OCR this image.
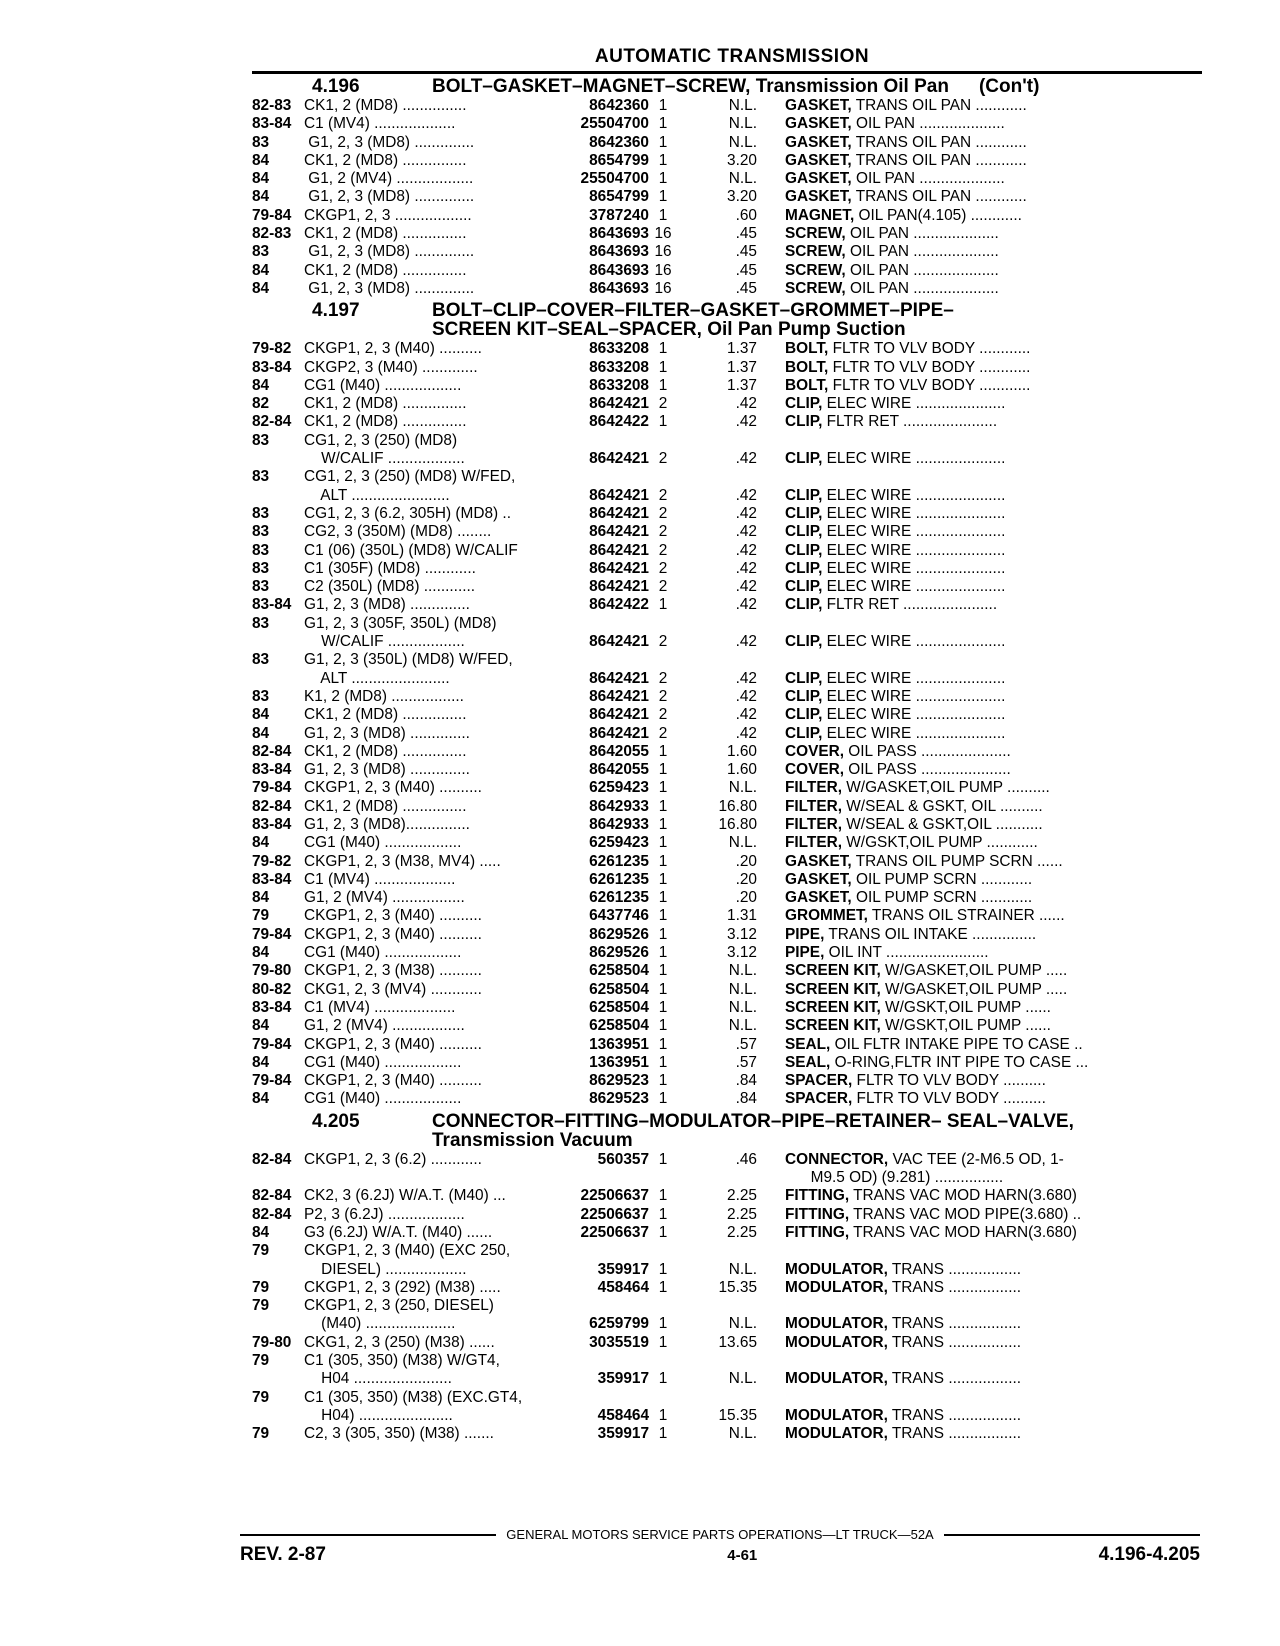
AUTOMATIC TRANSMISSION
4.196	BOLT–GASKET–MAGNET–SCREW, Transmission Oil Pan (Con't)
82-83 CK1, 2 (MD8) ...............	8642360 1	N.L.	GASKET, TRANS OIL PAN ............
83-84 C1 (MV4) ...................	25504700 1	N.L.	GASKET, OIL PAN ....................
83	G1, 2, 3 (MD8) ..............	8642360 1	N.L.	GASKET, TRANS OIL PAN ............
84	CK1, 2 (MD8) ...............	8654799 1	3.20	GASKET, TRANS OIL PAN ............
84	G1, 2 (MV4) ..................	25504700 1	N.L.	GASKET, OIL PAN ....................
84	G1, 2, 3 (MD8) ..............	8654799 1	3.20	GASKET, TRANS OIL PAN ............
79-84 CKGP1, 2, 3 ..................	3787240 1	.60	MAGNET, OIL PAN(4.105) ............
82-83 CK1, 2 (MD8) ...............	8643693 16	.45	SCREW, OIL PAN ....................
83	G1, 2, 3 (MD8) ..............	8643693 16	.45	SCREW, OIL PAN ....................
84	CK1, 2 (MD8) ...............	8643693 16	.45	SCREW, OIL PAN ....................
84	G1, 2, 3 (MD8) ..............	8643693 16	.45	SCREW, OIL PAN ....................
4.197	BOLT–CLIP–COVER–FILTER–GASKET–GROMMET–PIPE–
SCREEN KIT–SEAL–SPACER, Oil Pan Pump Suction
79-82 CKGP1, 2, 3 (M40) ..........	8633208 1	1.37	BOLT, FLTR TO VLV BODY ............
83-84 CKGP2, 3 (M40) .............	8633208 1	1.37	BOLT, FLTR TO VLV BODY ............
84	CG1 (M40) ..................	8633208 1	1.37	BOLT, FLTR TO VLV BODY ............
82	CK1, 2 (MD8) ...............	8642421 2	.42	CLIP, ELEC WIRE .....................
82-84 CK1, 2 (MD8) ...............	8642422 1	.42	CLIP, FLTR RET ......................
83	CG1, 2, 3 (250) (MD8)
W/CALIF ..................	8642421 2	.42	CLIP, ELEC WIRE .....................
83	CG1, 2, 3 (250) (MD8) W/FED,
ALT .......................	8642421 2	.42	CLIP, ELEC WIRE .....................
83	CG1, 2, 3 (6.2, 305H) (MD8) ..	8642421 2	.42	CLIP, ELEC WIRE .....................
83	CG2, 3 (350M) (MD8) ........	8642421 2	.42	CLIP, ELEC WIRE .....................
83	C1 (06) (350L) (MD8) W/CALIF	8642421 2	.42	CLIP, ELEC WIRE .....................
83	C1 (305F) (MD8) ............	8642421 2	.42	CLIP, ELEC WIRE .....................
83	C2 (350L) (MD8) ............	8642421 2	.42	CLIP, ELEC WIRE .....................
83-84 G1, 2, 3 (MD8) ..............	8642422 1	.42	CLIP, FLTR RET ......................
83	G1, 2, 3 (305F, 350L) (MD8)
W/CALIF ..................	8642421 2	.42	CLIP, ELEC WIRE .....................
83	G1, 2, 3 (350L) (MD8) W/FED,
ALT .......................	8642421 2	.42	CLIP, ELEC WIRE .....................
83	K1, 2 (MD8) .................	8642421 2	.42	CLIP, ELEC WIRE .....................
84	CK1, 2 (MD8) ...............	8642421 2	.42	CLIP, ELEC WIRE .....................
84	G1, 2, 3 (MD8) ..............	8642421 2	.42	CLIP, ELEC WIRE .....................
82-84 CK1, 2 (MD8) ...............	8642055 1	1.60	COVER, OIL PASS .....................
83-84 G1, 2, 3 (MD8) ..............	8642055 1	1.60	COVER, OIL PASS .....................
79-84 CKGP1, 2, 3 (M40) ..........	6259423 1	N.L.	FILTER, W/GASKET,OIL PUMP ..........
82-84 CK1, 2 (MD8) ...............	8642933 1	16.80	FILTER, W/SEAL & GSKT, OIL ..........
83-84 G1, 2, 3 (MD8)...............	8642933 1	16.80	FILTER, W/SEAL & GSKT,OIL ...........
84	CG1 (M40) ..................	6259423 1	N.L.	FILTER, W/GSKT,OIL PUMP ............
79-82 CKGP1, 2, 3 (M38, MV4) .....	6261235 1	.20	GASKET, TRANS OIL PUMP SCRN ......
83-84 C1 (MV4) ...................	6261235 1	.20	GASKET, OIL PUMP SCRN ............
84	G1, 2 (MV4) .................	6261235 1	.20	GASKET, OIL PUMP SCRN ............
79	CKGP1, 2, 3 (M40) ..........	6437746 1	1.31	GROMMET, TRANS OIL STRAINER ......
79-84 CKGP1, 2, 3 (M40) ..........	8629526 1	3.12	PIPE, TRANS OIL INTAKE ...............
84	CG1 (M40) ..................	8629526 1	3.12	PIPE, OIL INT ........................
79-80 CKGP1, 2, 3 (M38) ..........	6258504 1	N.L.	SCREEN KIT, W/GASKET,OIL PUMP .....
80-82 CKG1, 2, 3 (MV4) ............	6258504 1	N.L.	SCREEN KIT, W/GASKET,OIL PUMP .....
83-84 C1 (MV4) ...................	6258504 1	N.L.	SCREEN KIT, W/GSKT,OIL PUMP ......
84	G1, 2 (MV4) .................	6258504 1	N.L.	SCREEN KIT, W/GSKT,OIL PUMP ......
79-84 CKGP1, 2, 3 (M40) ..........	1363951 1	.57	SEAL, OIL FLTR INTAKE PIPE TO CASE ..
84	CG1 (M40) ..................	1363951 1	.57	SEAL, O-RING,FLTR INT PIPE TO CASE ...
79-84 CKGP1, 2, 3 (M40) ..........	8629523 1	.84	SPACER, FLTR TO VLV BODY ..........
84	CG1 (M40) ..................	8629523 1	.84	SPACER, FLTR TO VLV BODY ..........
4.205	CONNECTOR–FITTING–MODULATOR–PIPE–RETAINER– SEAL–VALVE,
Transmission Vacuum
82-84 CKGP1, 2, 3 (6.2) ............	560357 1	.46	CONNECTOR, VAC TEE (2-M6.5 OD, 1-
M9.5 OD) (9.281) ................
82-84 CK2, 3 (6.2J) W/A.T. (M40) ...	22506637 1	2.25	FITTING, TRANS VAC MOD HARN(3.680)
82-84 P2, 3 (6.2J) ..................	22506637 1	2.25	FITTING, TRANS VAC MOD PIPE(3.680) ..
84	G3 (6.2J) W/A.T. (M40) ......	22506637 1	2.25	FITTING, TRANS VAC MOD HARN(3.680)
79	CKGP1, 2, 3 (M40) (EXC 250,
DIESEL) ...................	359917 1	N.L.	MODULATOR, TRANS .................
79	CKGP1, 2, 3 (292) (M38) .....	458464 1	15.35	MODULATOR, TRANS .................
79	CKGP1, 2, 3 (250, DIESEL)
(M40) .....................	6259799 1	N.L.	MODULATOR, TRANS .................
79-80 CKG1, 2, 3 (250) (M38) ......	3035519 1	13.65	MODULATOR, TRANS .................
79	C1 (305, 350) (M38) W/GT4,
H04 .......................	359917 1	N.L.	MODULATOR, TRANS .................
79	C1 (305, 350) (M38) (EXC.GT4,
H04) ......................	458464 1	15.35	MODULATOR, TRANS .................
79	C2, 3 (305, 350) (M38) .......	359917 1	N.L.	MODULATOR, TRANS .................
GENERAL MOTORS SERVICE PARTS OPERATIONS—LT TRUCK—52A
REV. 2-87	4-61	4.196-4.205
